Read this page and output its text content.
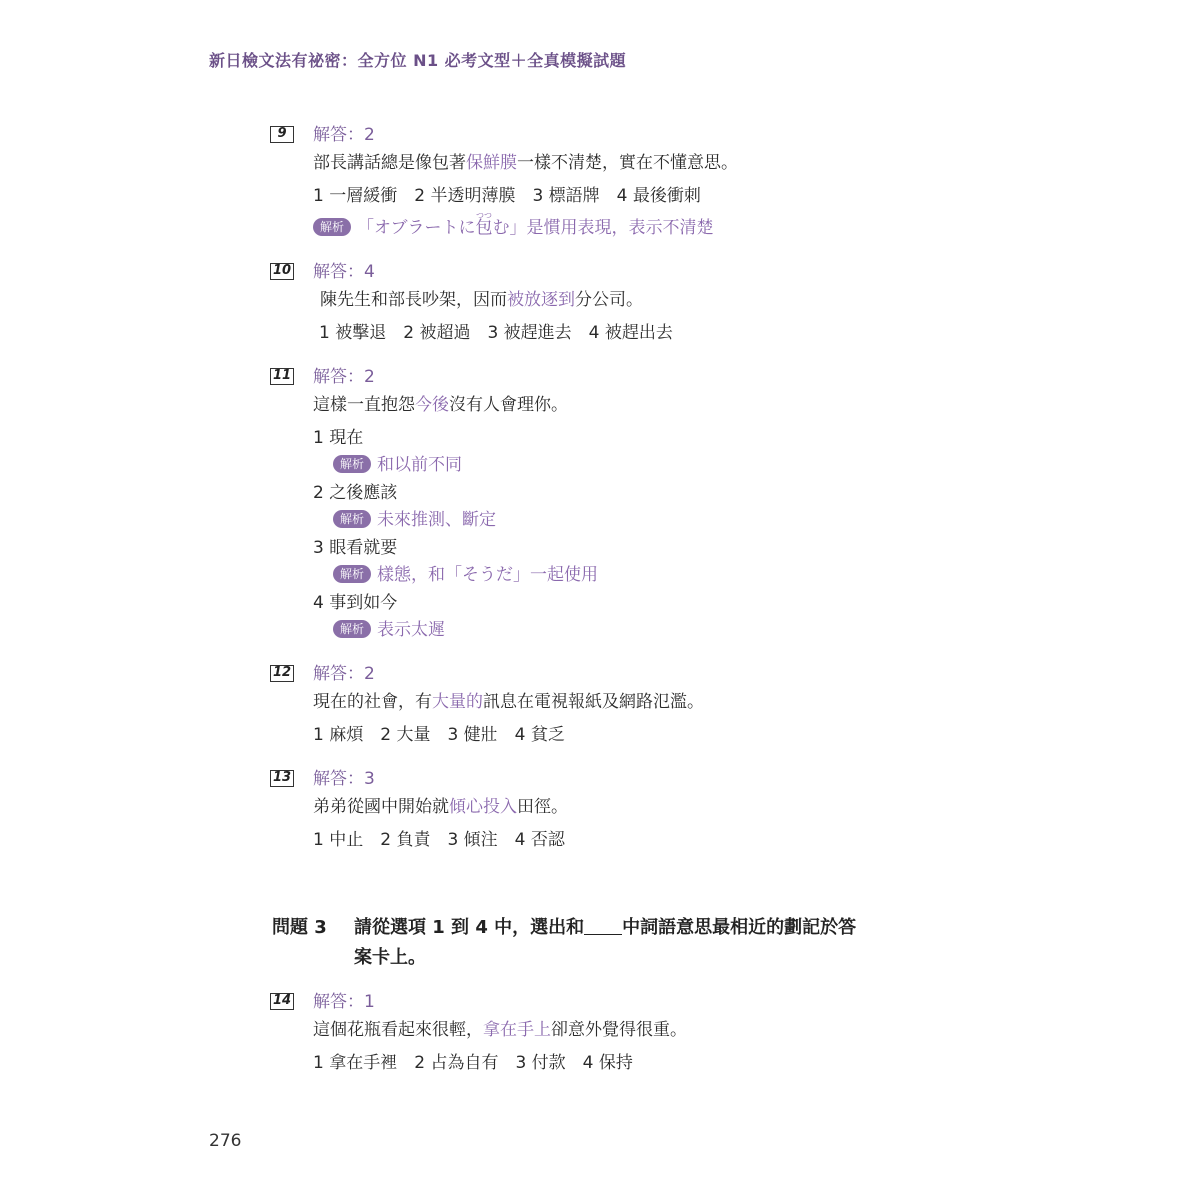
新日檢文法有祕密：全方位 N1 必考文型＋全真模擬試題
9	解答：2
部長講話總是像包著保鮮膜一樣不清楚，實在不懂意思。
1 一層緩衝　2 半透明薄膜　3 標語牌　4 最後衝刺
解析 「オブラートに
つつ
包む」是慣用表現，表示不清楚
10 解答：4
陳先生和部長吵架，因而被放逐到分公司。
1 被擊退　2 被超過　3 被趕進去　4 被趕出去
11 解答：2
這樣一直抱怨今後沒有人會理你。
1 現在
解析 和以前不同
2 之後應該
解析 未來推測、斷定
3 眼看就要
解析 樣態，和「そうだ」一起使用
4 事到如今
解析 表示太遲
12 解答：2
現在的社會，有大量的訊息在電視報紙及網路氾濫。
1 麻煩　2 大量　3 健壯　4 貧乏
13 解答：3
弟弟從國中開始就傾心投入田徑。
1 中止　2 負責　3 傾注　4 否認
問題 3 請從選項 1 到 4 中，選出和 中詞語意思最相近的劃記於答
案卡上。
14 解答：1
這個花瓶看起來很輕，拿在手上卻意外覺得很重。
1 拿在手裡　2 占為自有　3 付款　4 保持
276
